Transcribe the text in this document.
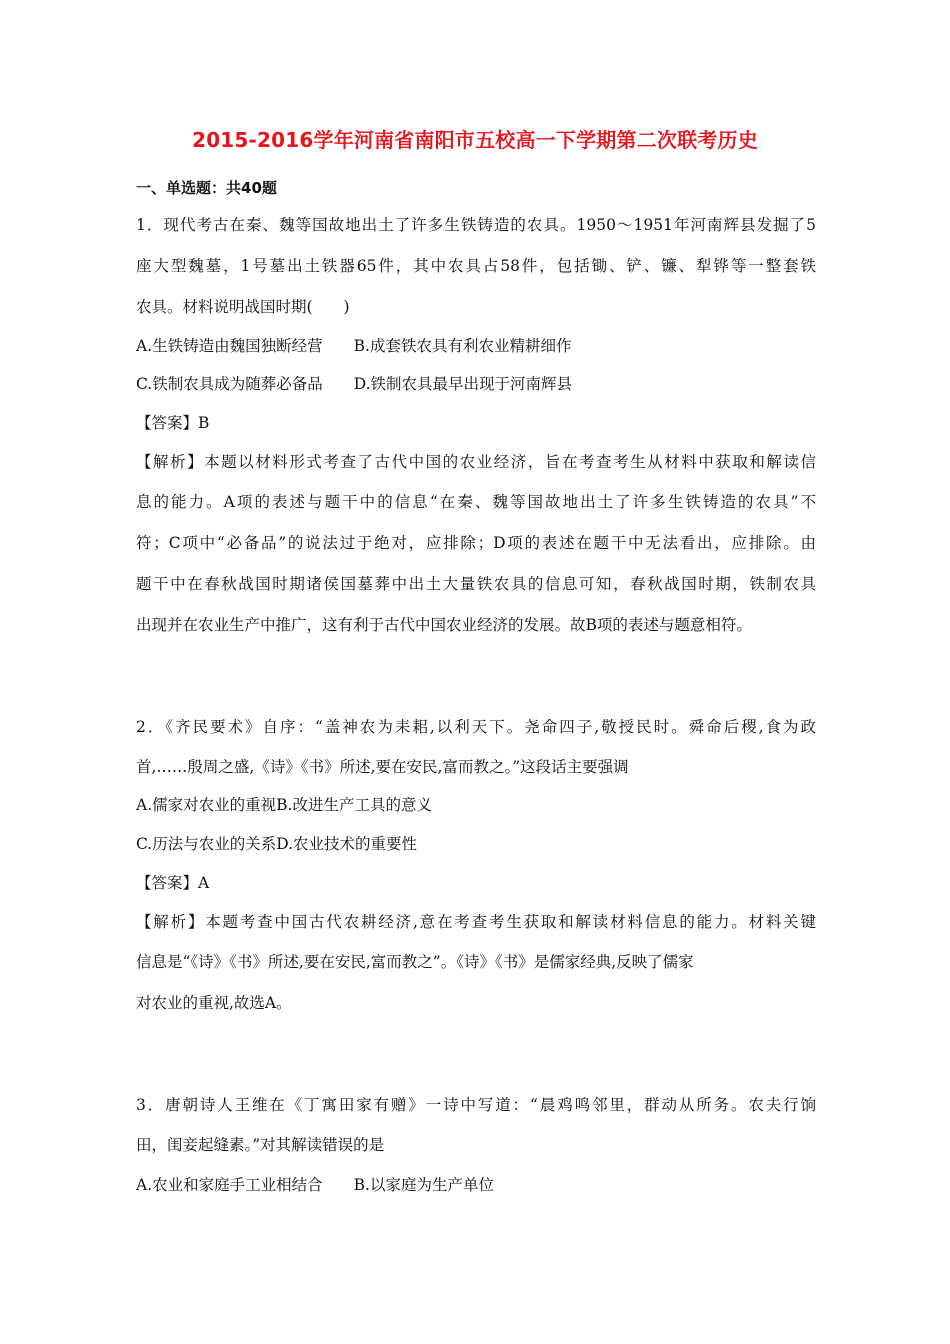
2015-2016学年河南省南阳市五校高一下学期第二次联考历史
一、单选题：共40题
1．现代考古在秦、魏等国故地出土了许多生铁铸造的农具。1950～1951年河南辉县发掘了5
座大型魏墓，1号墓出土铁器65件，其中农具占58件，包括锄、铲、镰、犁铧等一整套铁
农具。材料说明战国时期(　　)
A.生铁铸造由魏国独断经营　　B.成套铁农具有利农业精耕细作
C.铁制农具成为随葬必备品　　D.铁制农具最早出现于河南辉县
【答案】B
【解析】本题以材料形式考查了古代中国的农业经济，旨在考查考生从材料中获取和解读信
息的能力。A项的表述与题干中的信息“在秦、魏等国故地出土了许多生铁铸造的农具”不
符；C项中“必备品”的说法过于绝对，应排除；D项的表述在题干中无法看出，应排除。由
题干中在春秋战国时期诸侯国墓葬中出土大量铁农具的信息可知，春秋战国时期，铁制农具
出现并在农业生产中推广，这有利于古代中国农业经济的发展。故B项的表述与题意相符。
2．《齐民要术》自序：“盖神农为耒耜,以利天下。尧命四子,敬授民时。舜命后稷,食为政
首,……殷周之盛,《诗》《书》所述,要在安民,富而教之。”这段话主要强调
A.儒家对农业的重视B.改进生产工具的意义
C.历法与农业的关系D.农业技术的重要性
【答案】A
【解析】本题考查中国古代农耕经济,意在考查考生获取和解读材料信息的能力。材料关键
信息是“《诗》《书》所述,要在安民,富而教之”。《诗》《书》是儒家经典,反映了儒家
对农业的重视,故选A。
3．唐朝诗人王维在《丁寓田家有赠》一诗中写道：“晨鸡鸣邻里，群动从所务。农夫行饷
田，闺妾起缝素。”对其解读错误的是
A.农业和家庭手工业相结合　　B.以家庭为生产单位
